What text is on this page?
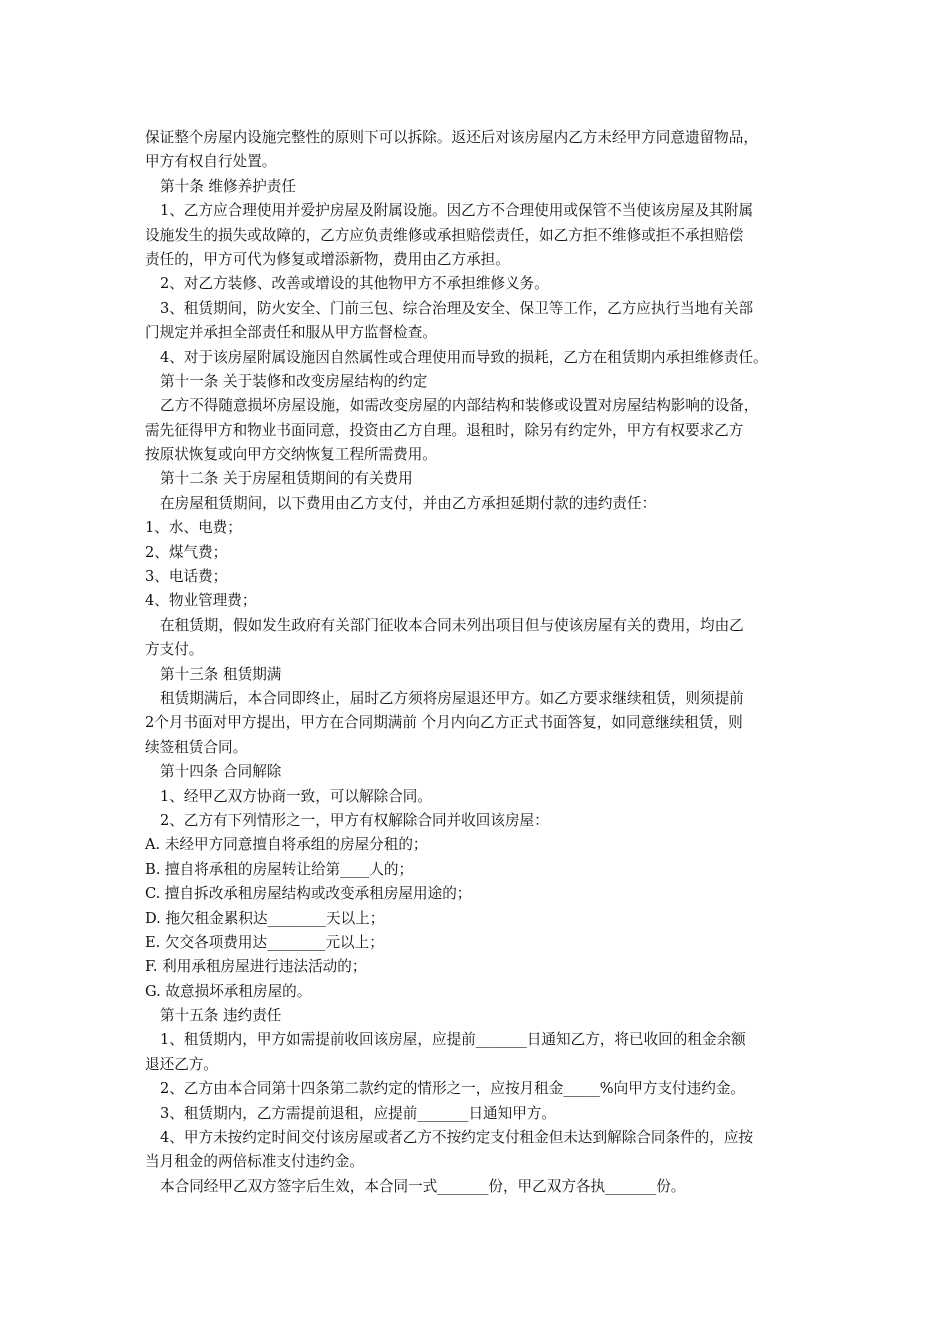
保证整个房屋内设施完整性的原则下可以拆除。返还后对该房屋内乙方未经甲方同意遗留物品，
甲方有权自行处置。
第十条 维修养护责任
1、乙方应合理使用并爱护房屋及附属设施。因乙方不合理使用或保管不当使该房屋及其附属
设施发生的损失或故障的，乙方应负责维修或承担赔偿责任，如乙方拒不维修或拒不承担赔偿
责任的，甲方可代为修复或增添新物，费用由乙方承担。
2、对乙方装修、改善或增设的其他物甲方不承担维修义务。
3、租赁期间，防火安全、门前三包、综合治理及安全、保卫等工作，乙方应执行当地有关部
门规定并承担全部责任和服从甲方监督检查。
4、对于该房屋附属设施因自然属性或合理使用而导致的损耗，乙方在租赁期内承担维修责任。
第十一条 关于装修和改变房屋结构的约定
乙方不得随意损坏房屋设施，如需改变房屋的内部结构和装修或设置对房屋结构影响的设备，
需先征得甲方和物业书面同意，投资由乙方自理。退租时，除另有约定外，甲方有权要求乙方
按原状恢复或向甲方交纳恢复工程所需费用。
第十二条 关于房屋租赁期间的有关费用
在房屋租赁期间，以下费用由乙方支付，并由乙方承担延期付款的违约责任：
1、水、电费；
2、煤气费；
3、电话费；
4、物业管理费；
在租赁期，假如发生政府有关部门征收本合同未列出项目但与使该房屋有关的费用，均由乙
方支付。
第十三条 租赁期满
租赁期满后，本合同即终止，届时乙方须将房屋退还甲方。如乙方要求继续租赁，则须提前
2个月书面对甲方提出，甲方在合同期满前 个月内向乙方正式书面答复，如同意继续租赁，则
续签租赁合同。
第十四条 合同解除
1、经甲乙双方协商一致，可以解除合同。
2、乙方有下列情形之一，甲方有权解除合同并收回该房屋：
A. 未经甲方同意擅自将承组的房屋分租的；
B. 擅自将承租的房屋转让给第____人的；
C. 擅自拆改承租房屋结构或改变承租房屋用途的；
D. 拖欠租金累积达________天以上；
E. 欠交各项费用达________元以上；
F. 利用承租房屋进行违法活动的；
G. 故意损坏承租房屋的。
第十五条 违约责任
1、租赁期内，甲方如需提前收回该房屋，应提前_______日通知乙方，将已收回的租金余额
退还乙方。
2、乙方由本合同第十四条第二款约定的情形之一，应按月租金_____%向甲方支付违约金。
3、租赁期内，乙方需提前退租，应提前_______日通知甲方。
4、甲方未按约定时间交付该房屋或者乙方不按约定支付租金但未达到解除合同条件的，应按
当月租金的两倍标准支付违约金。
本合同经甲乙双方签字后生效，本合同一式_______份，甲乙双方各执_______份。
